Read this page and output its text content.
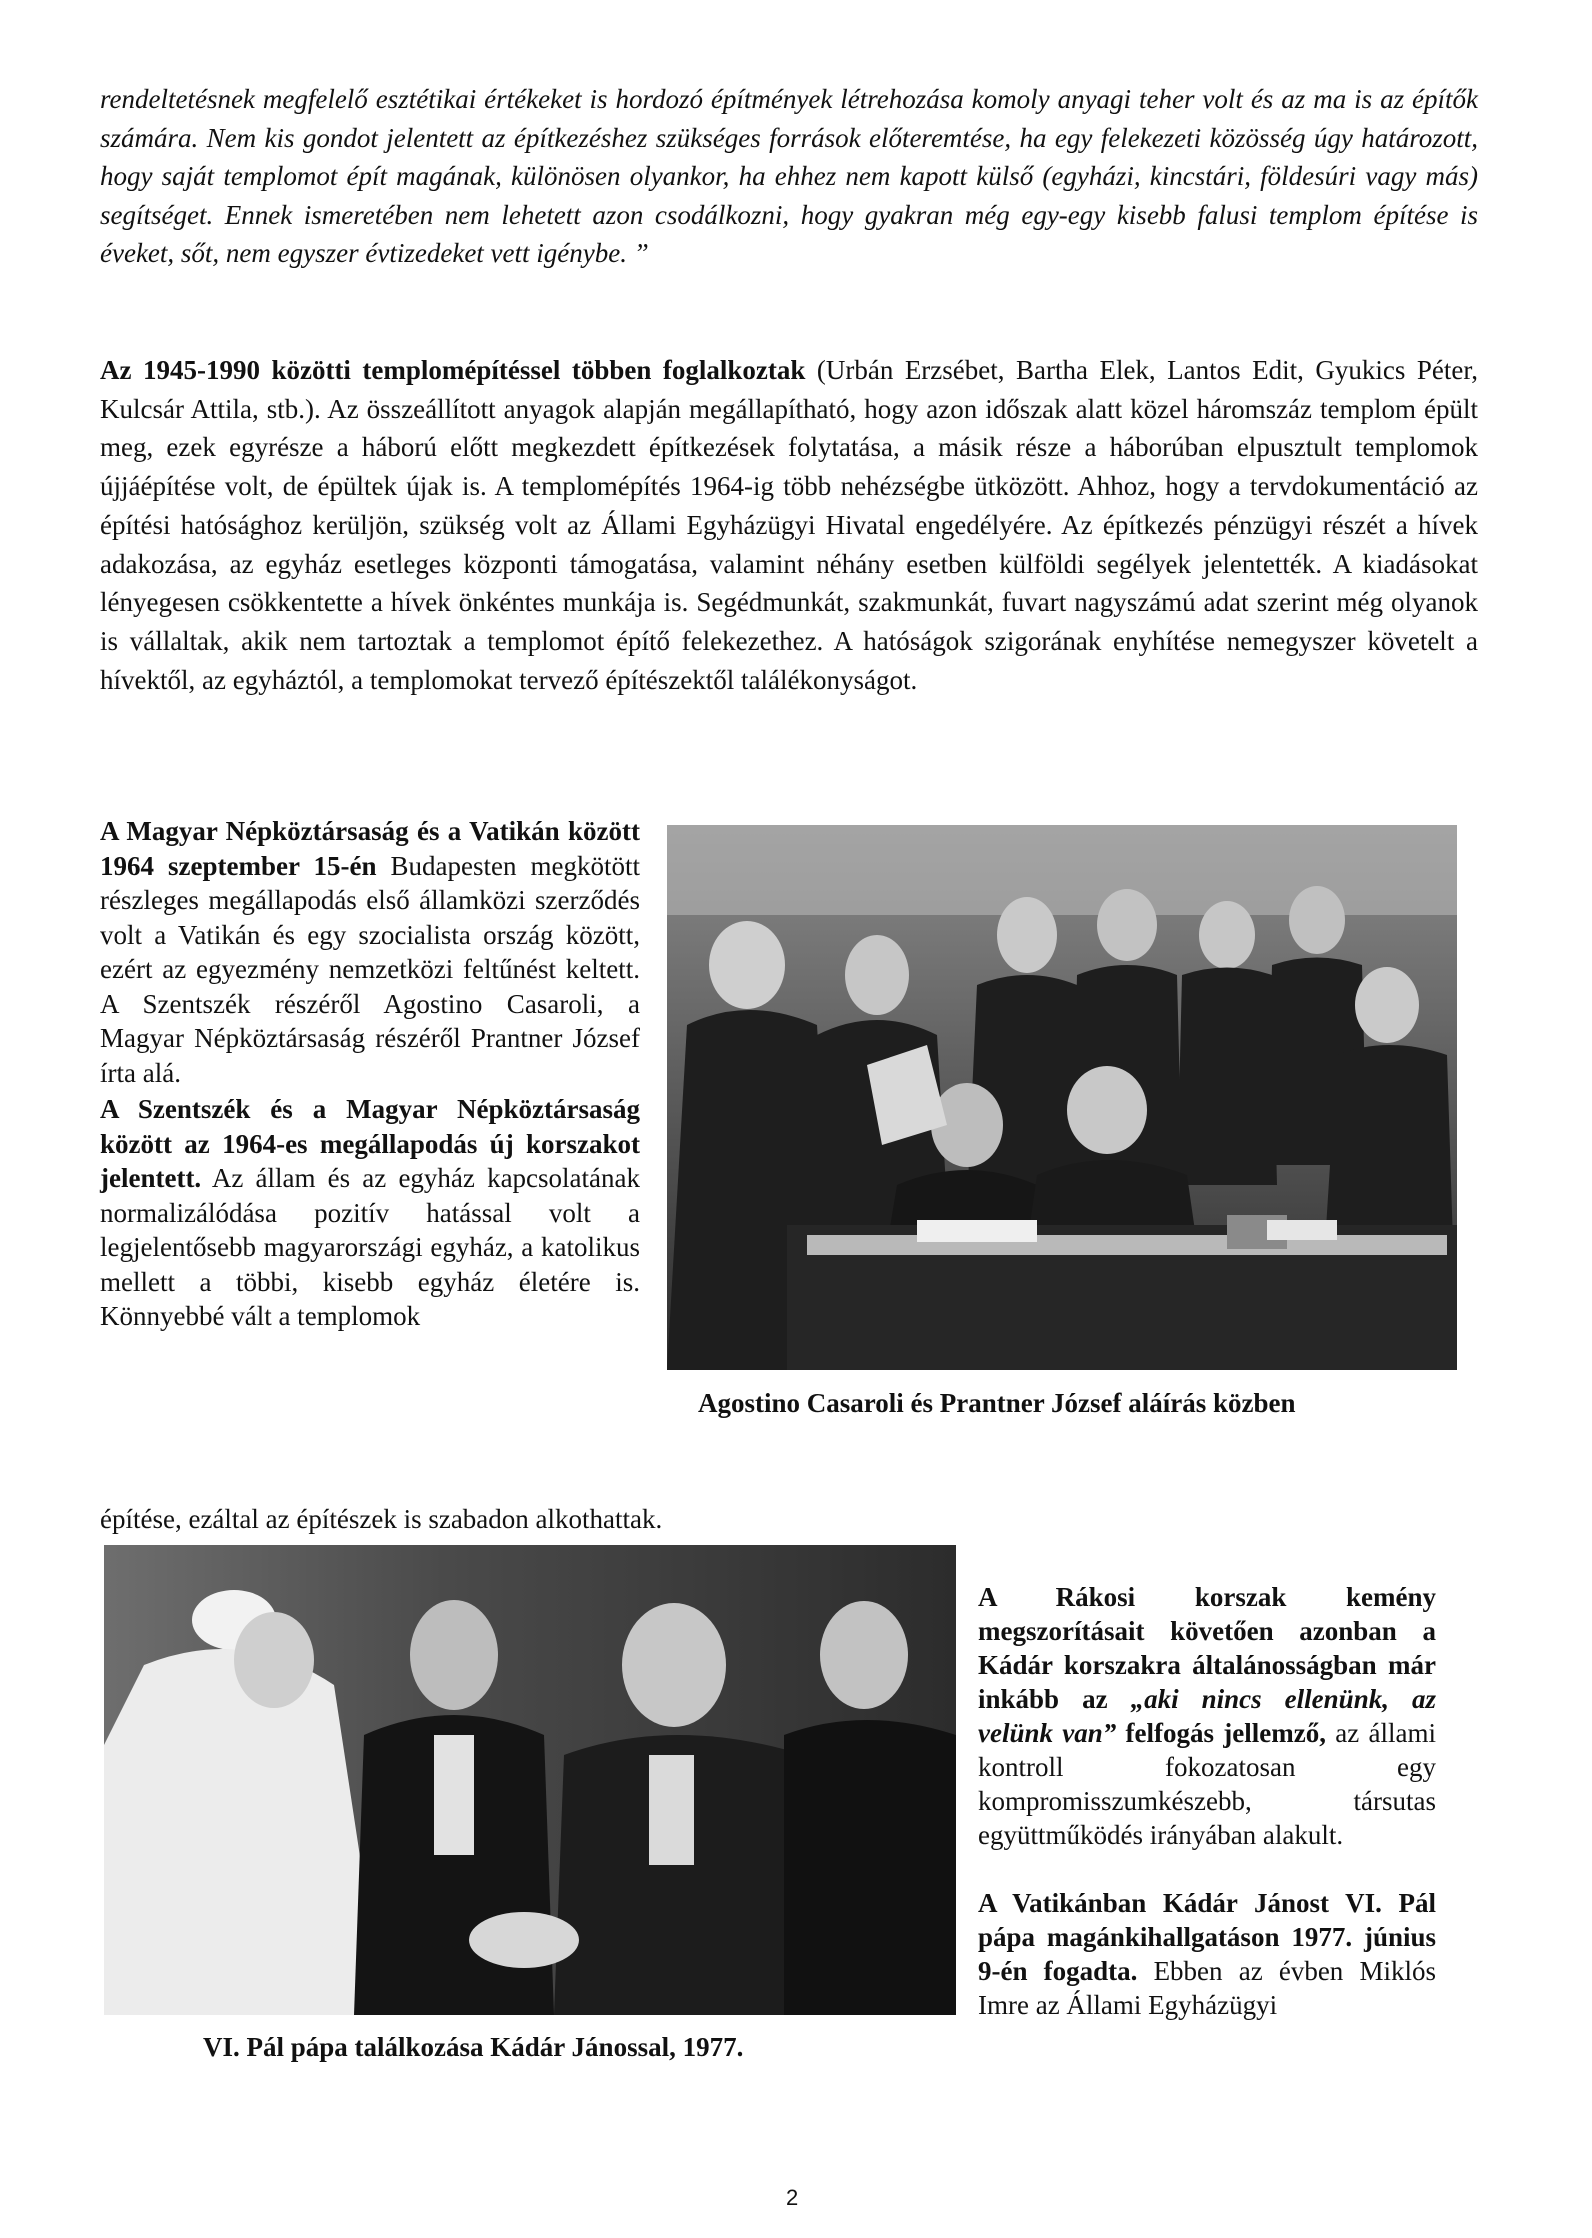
rendeltetésnek megfelelő esztétikai értékeket is hordozó építmények létrehozása komoly anyagi teher volt és az ma is az építők számára. Nem kis gondot jelentett az építkezéshez szükséges források előteremtése, ha egy felekezeti közösség úgy határozott, hogy saját templomot épít magának, különösen olyankor, ha ehhez nem kapott külső (egyházi, kincstári, földesúri vagy más) segítséget. Ennek ismeretében nem lehetett azon csodálkozni, hogy gyakran még egy-egy kisebb falusi templom építése is éveket, sőt, nem egyszer évtizedeket vett igénybe. ”

Az 1945-1990 közötti templomépítéssel többen foglalkoztak (Urbán Erzsébet, Bartha Elek, Lantos Edit, Gyukics Péter, Kulcsár Attila, stb.). Az összeállított anyagok alapján megállapítható, hogy azon időszak alatt közel háromszáz templom épült meg, ezek egyrésze a háború előtt megkezdett építkezések folytatása, a másik része a háborúban elpusztult templomok újjáépítése volt, de épültek újak is. A templomépítés 1964-ig több nehézségbe ütközött. Ahhoz, hogy a tervdokumentáció az építési hatósághoz kerüljön, szükség volt az Állami Egyházügyi Hivatal engedélyére. Az építkezés pénzügyi részét a hívek adakozása, az egyház esetleges központi támogatása, valamint néhány esetben külföldi segélyek jelentették. A kiadásokat lényegesen csökkentette a hívek önkéntes munkája is. Segédmunkát, szakmunkát, fuvart nagyszámú adat szerint még olyanok is vállaltak, akik nem tartoztak a templomot építő felekezethez. A hatóságok szigorának enyhítése nemegyszer követelt a hívektől, az egyháztól, a templomokat tervező építészektől találékonyságot.

A Magyar Népköztársaság és a Vatikán között 1964 szeptember 15-én Budapesten megkötött részleges megállapodás első államközi szerződés volt a Vatikán és egy szocialista ország között, ezért az egyezmény nemzetközi feltűnést keltett. A Szentszék részéről Agostino Casaroli, a Magyar Népköztársaság részéről Prantner József írta alá.

A Szentszék és a Magyar Népköztársaság között az 1964-es megállapodás új korszakot jelentett. Az állam és az egyház kapcsolatának normalizálódása pozitív hatással volt a legjelentősebb magyarországi egyház, a katolikus mellett a többi, kisebb egyház életére is. Könnyebbé vált a templomok

építése, ezáltal az építészek is szabadon alkothattak.

Agostino Casaroli és Prantner József aláírás közben
VI. Pál pápa találkozása Kádár Jánossal, 1977.

A Rákosi korszak kemény megszorításait követően azonban a Kádár korszakra általánosságban már inkább az „aki nincs ellenünk, az velünk van” felfogás jellemző, az állami kontroll fokozatosan egy kompromisszumkészebb, társutas együttműködés irányában alakult.

A Vatikánban Kádár Jánost VI. Pál pápa magánkihallgatáson 1977. június 9-én fogadta. Ebben az évben Miklós Imre az Állami Egyházügyi

2
